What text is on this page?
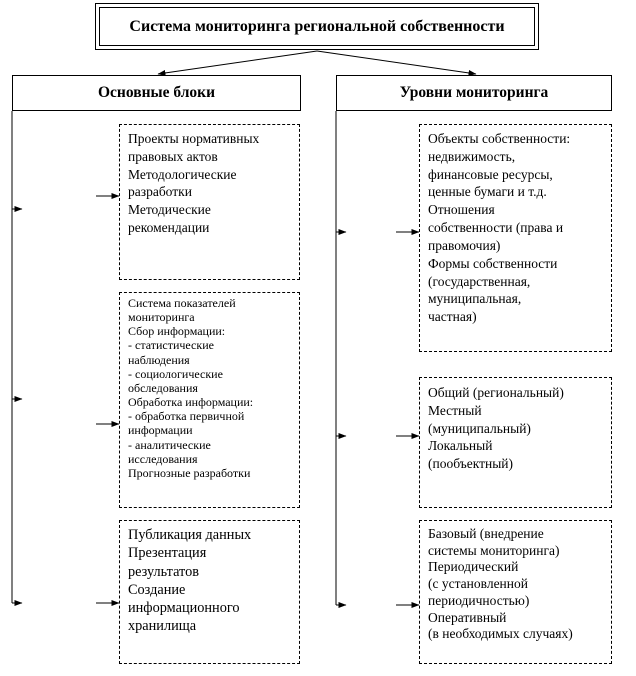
Система мониторинга региональной собственности
Основные блоки	Уровни мониторинга
Проекты нормативных
правовых актов
Методологические
разработки
Методические
рекомендации
Система показателей
мониторинга
Сбор информации:
- статистические
наблюдения
- социологические
обследования
Обработка информации:
- обработка первичной
информации
- аналитические
исследования
Прогнозные разработки
Публикация данных
Презентация
результатов
Создание
информационного
хранилища
Объекты собственности:
недвижимость,
финансовые ресурсы,
ценные бумаги и т.д.
Отношения
собственности (права и
правомочия)
Формы собственности
(государственная,
муниципальная,
частная)
Общий (региональный)
Местный
(муниципальный)
Локальный
(пообъектный)
Базовый (внедрение
системы мониторинга)
Периодический
(с установленной
периодичностью)
Оперативный
(в необходимых случаях)
